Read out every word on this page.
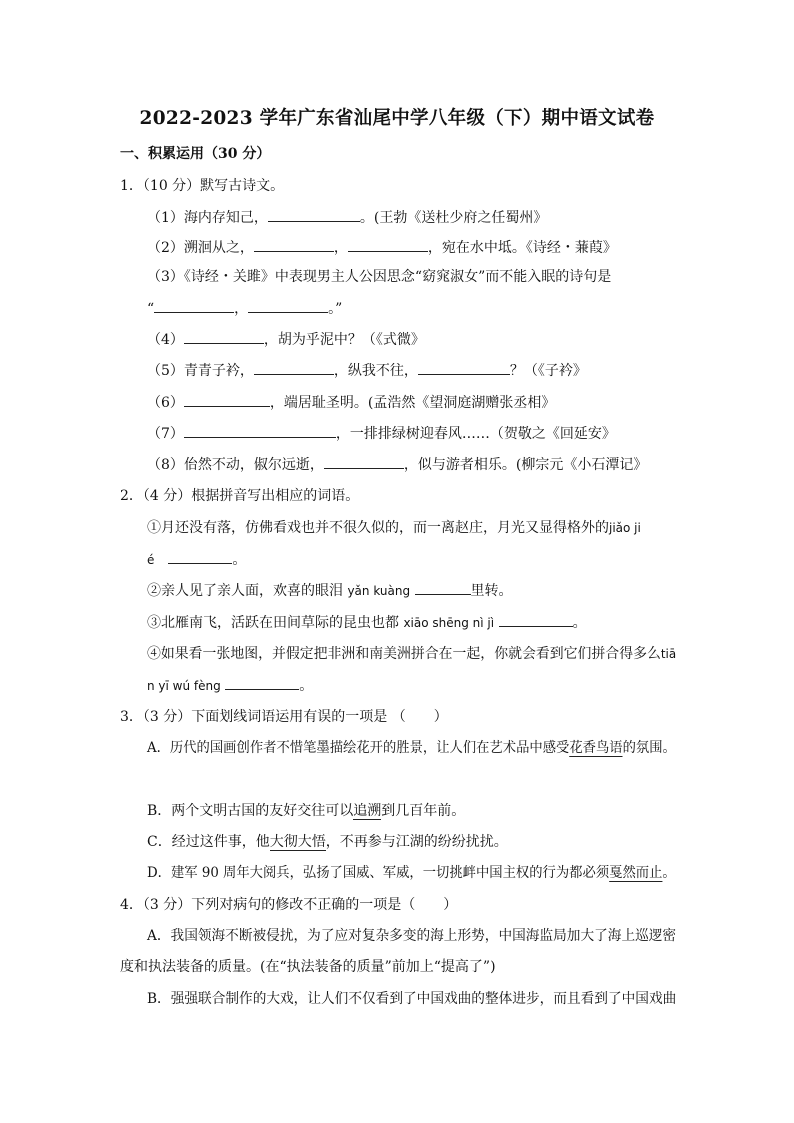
2022-2023 学年广东省汕尾中学八年级（下）期中语文试卷
一、积累运用（30 分）
1．（10 分）默写古诗文。
（1）海内存知己，	。(王勃《送杜少府之任蜀州》
（2）溯洄从之，	，	，宛在水中坻。《诗经・蒹葭》
（3）《诗经・关雎》中表现男主人公因思念“窈窕淑女”而不能入眠的诗句是
“	，	。”
（4）	，胡为乎泥中？（《式微》
（5）青青子衿，	，纵我不往，	？（《子衿》
（6）	，端居耻圣明。(孟浩然《望洞庭湖赠张丞相》
（7）	，一排排绿树迎春风……（贺敬之《回延安》
（8）佁然不动，俶尔远逝，	，似与游者相乐。(柳宗元《小石潭记》
2．（4 分）根据拼音写出相应的词语。
①月还没有落，仿佛看戏也并不很久似的，而一离赵庄，月光又显得格外的jiǎo ji
é	。
②亲人见了亲人面，欢喜的眼泪 yǎn kuàng	里转。
③北雁南飞，活跃在田间草际的昆虫也都 xiāo shēng nì jì	。
④如果看一张地图，并假定把非洲和南美洲拼合在一起，你就会看到它们拼合得多么tiā
n yī wú fèng	。
3．（3 分）下面划线词语运用有误的一项是 （　　）
A．历代的国画创作者不惜笔墨描绘花开的胜景，让人们在艺术品中感受花香鸟语的氛围。
B．两个文明古国的友好交往可以追溯到几百年前。
C．经过这件事，他大彻大悟，不再参与江湖的纷纷扰扰。
D．建军 90 周年大阅兵，弘扬了国威、军威，一切挑衅中国主权的行为都必须戛然而止。
4．（3 分）下列对病句的修改不正确的一项是（　　）
A．我国领海不断被侵扰，为了应对复杂多变的海上形势，中国海监局加大了海上巡逻密
度和执法装备的质量。(在“执法装备的质量”前加上“提高了”)
B．强强联合制作的大戏，让人们不仅看到了中国戏曲的整体进步，而且看到了中国戏曲
